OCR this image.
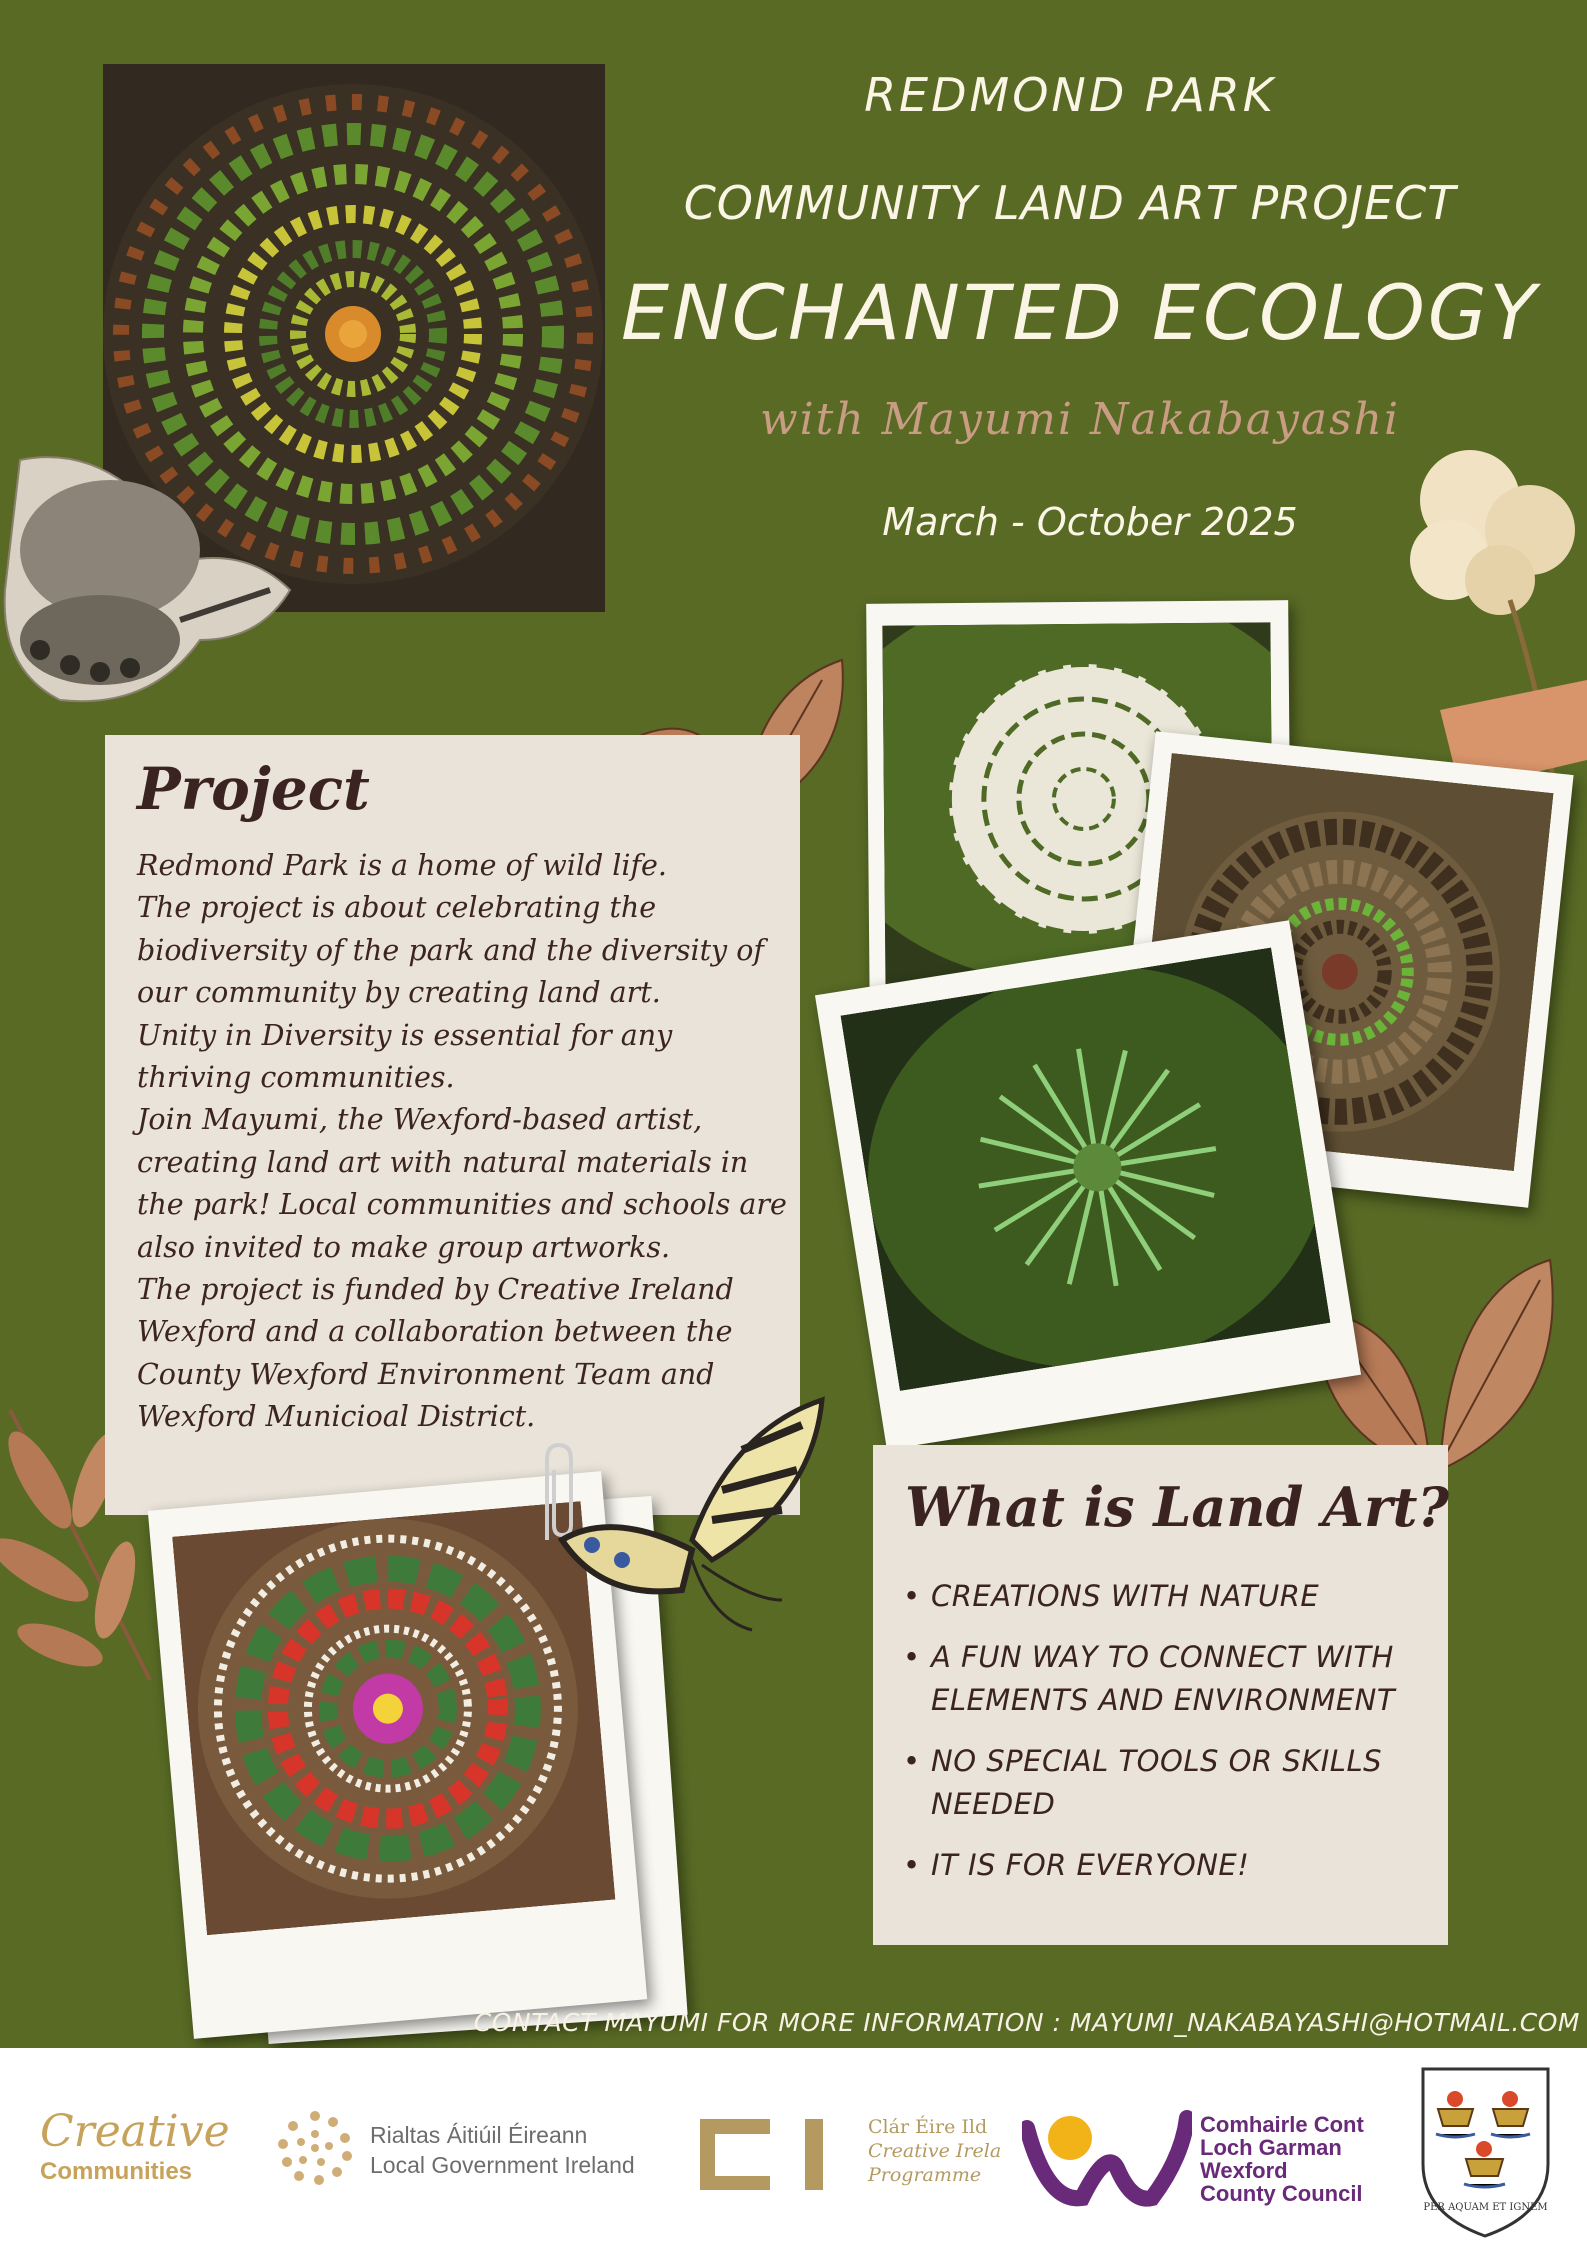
REDMOND PARK
COMMUNITY LAND ART PROJECT
ENCHANTED ECOLOGY
with Mayumi Nakabayashi
March - October 2025
Project

Redmond Park is a home of wild life.
The project is about celebrating the
biodiversity of the park and the diversity of
our community by creating land art.
Unity in Diversity is essential for any
thriving communities.
Join Mayumi, the Wexford-based artist,
creating land art with natural materials in
the park! Local communities and schools are
also invited to make group artworks.
The project is funded by Creative Ireland
Wexford and a collaboration between the
County Wexford Environment Team and
Wexford Municioal District.

What is Land Art?
• CREATIONS WITH NATURE
• A FUN WAY TO CONNECT WITH
ELEMENTS AND ENVIRONMENT
• NO SPECIAL TOOLS OR SKILLS
NEEDED
• IT IS FOR EVERYONE!
CONTACT MAYUMI FOR MORE INFORMATION : MAYUMI_NAKABAYASHI@HOTMAIL.COM
Creative
Communities
Rialtas Áitiúil Éireann
Local Government Ireland
Clár Éire Ild
Creative Irela
Programme
Comhairle Cont
Loch Garman
Wexford
County Council
PER AQUAM ET IGNEM
